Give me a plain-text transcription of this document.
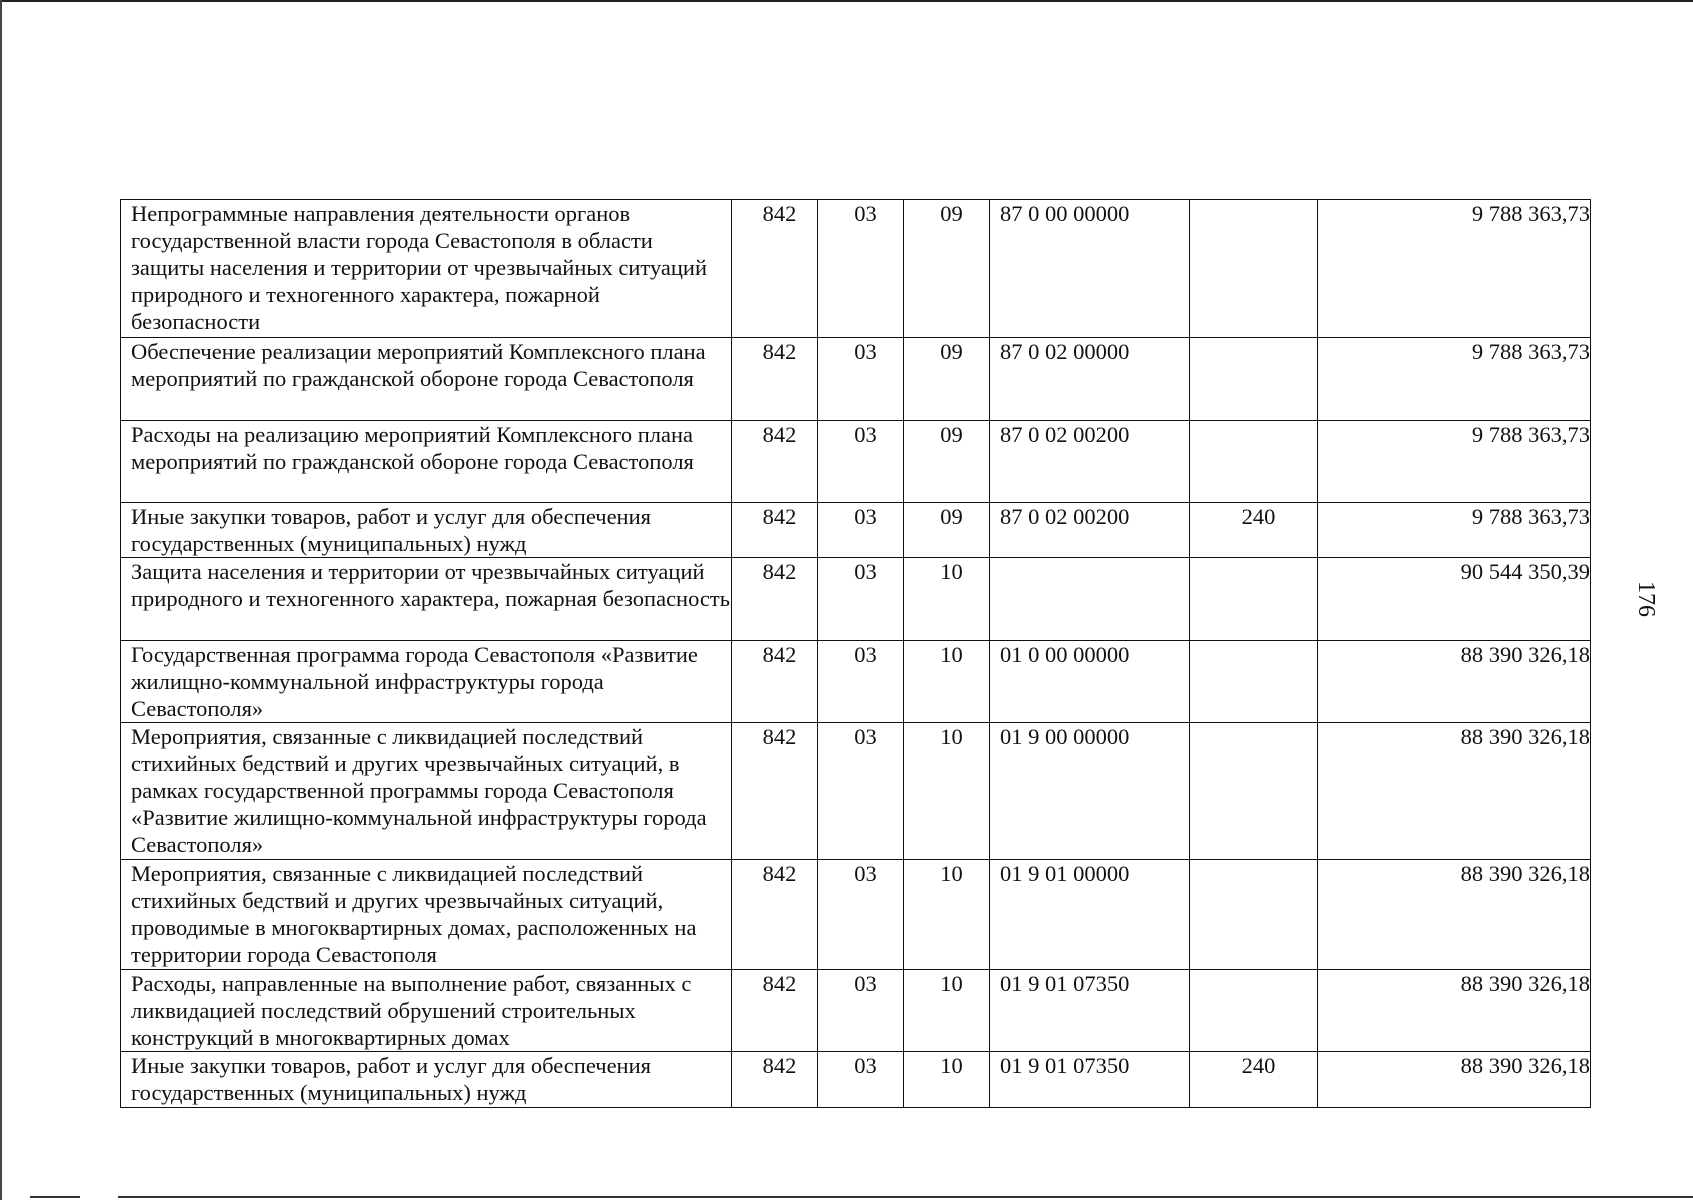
176
Непрограммные направления деятельности органов государственной власти города Севастополя в области защиты населения и территории от чрезвычайных ситуаций природного и техногенного характера, пожарной безопасности	842	03	09	87 0 00 00000		9 788 363,73
Обеспечение реализации мероприятий Комплексного плана мероприятий по гражданской обороне города Севастополя	842	03	09	87 0 02 00000		9 788 363,73
Расходы на реализацию мероприятий Комплексного плана мероприятий по гражданской обороне города Севастополя	842	03	09	87 0 02 00200		9 788 363,73
Иные закупки товаров, работ и услуг для обеспечения государственных (муниципальных) нужд	842	03	09	87 0 02 00200	240	9 788 363,73
Защита населения и территории от чрезвычайных ситуаций природного и техногенного характера, пожарная безопасность	842	03	10			90 544 350,39
Государственная программа города Севастополя «Развитие жилищно-коммунальной инфраструктуры города Севастополя»	842	03	10	01 0 00 00000		88 390 326,18
Мероприятия, связанные с ликвидацией последствий стихийных бедствий и других чрезвычайных ситуаций, в рамках государственной программы города Севастополя «Развитие жилищно-коммунальной инфраструктуры города Севастополя»	842	03	10	01 9 00 00000		88 390 326,18
Мероприятия, связанные с ликвидацией последствий стихийных бедствий и других чрезвычайных ситуаций, проводимые в многоквартирных домах, расположенных на территории города Севастополя	842	03	10	01 9 01 00000		88 390 326,18
Расходы, направленные на выполнение работ, связанных с ликвидацией последствий обрушений строительных конструкций в многоквартирных домах	842	03	10	01 9 01 07350		88 390 326,18
Иные закупки товаров, работ и услуг для обеспечения государственных (муниципальных) нужд	842	03	10	01 9 01 07350	240	88 390 326,18
